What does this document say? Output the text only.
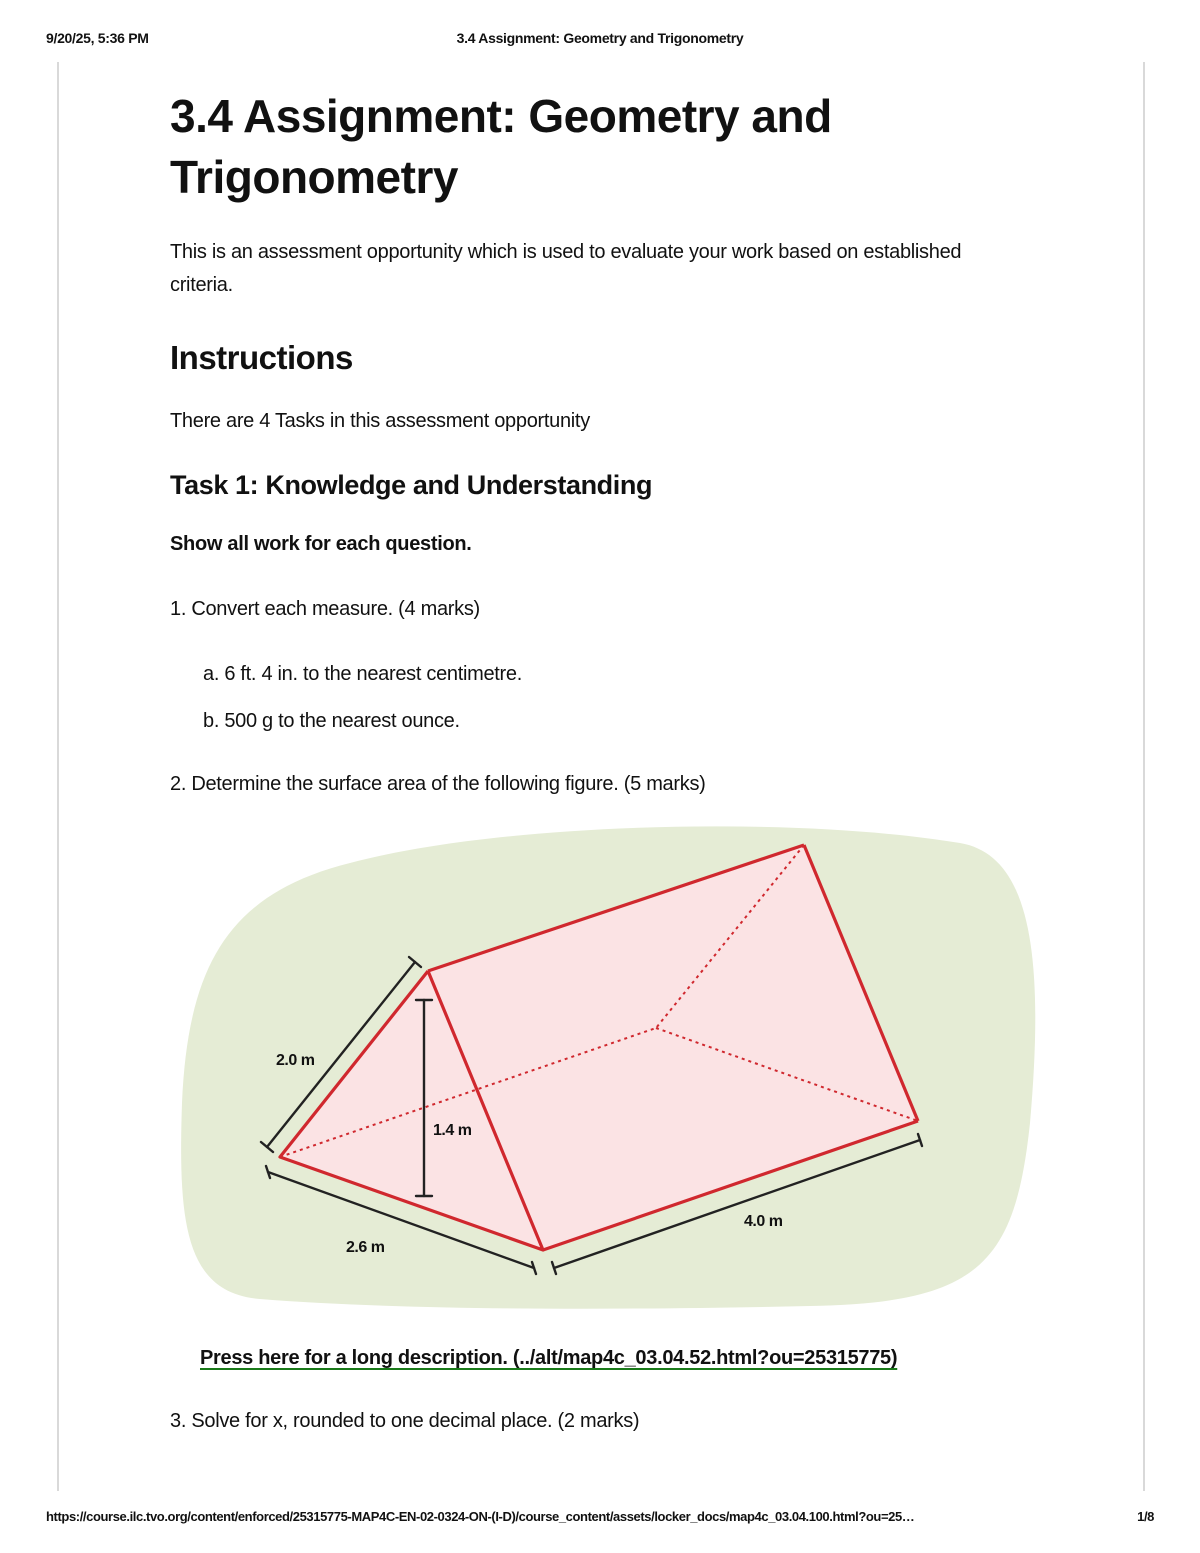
9/20/25, 5:36 PM	3.4 Assignment: Geometry and Trigonometry
3.4 Assignment: Geometry and Trigonometry

This is an assessment opportunity which is used to evaluate your work based on established criteria.

Instructions

There are 4 Tasks in this assessment opportunity

Task 1: Knowledge and Understanding

Show all work for each question.

1. Convert each measure. (4 marks)

a. 6 ft. 4 in. to the nearest centimetre.

b. 500 g to the nearest ounce.

2. Determine the surface area of the following figure. (5 marks)

2.0 m
1.4 m
2.6 m
4.0 m
Press here for a long description. (../alt/map4c_03.04.52.html?ou=25315775)

3. Solve for x, rounded to one decimal place. (2 marks)

https://course.ilc.tvo.org/content/enforced/25315775-MAP4C-EN-02-0324-ON-(I-D)/course_content/assets/locker_docs/map4c_03.04.100.html?ou=25…	1/8
